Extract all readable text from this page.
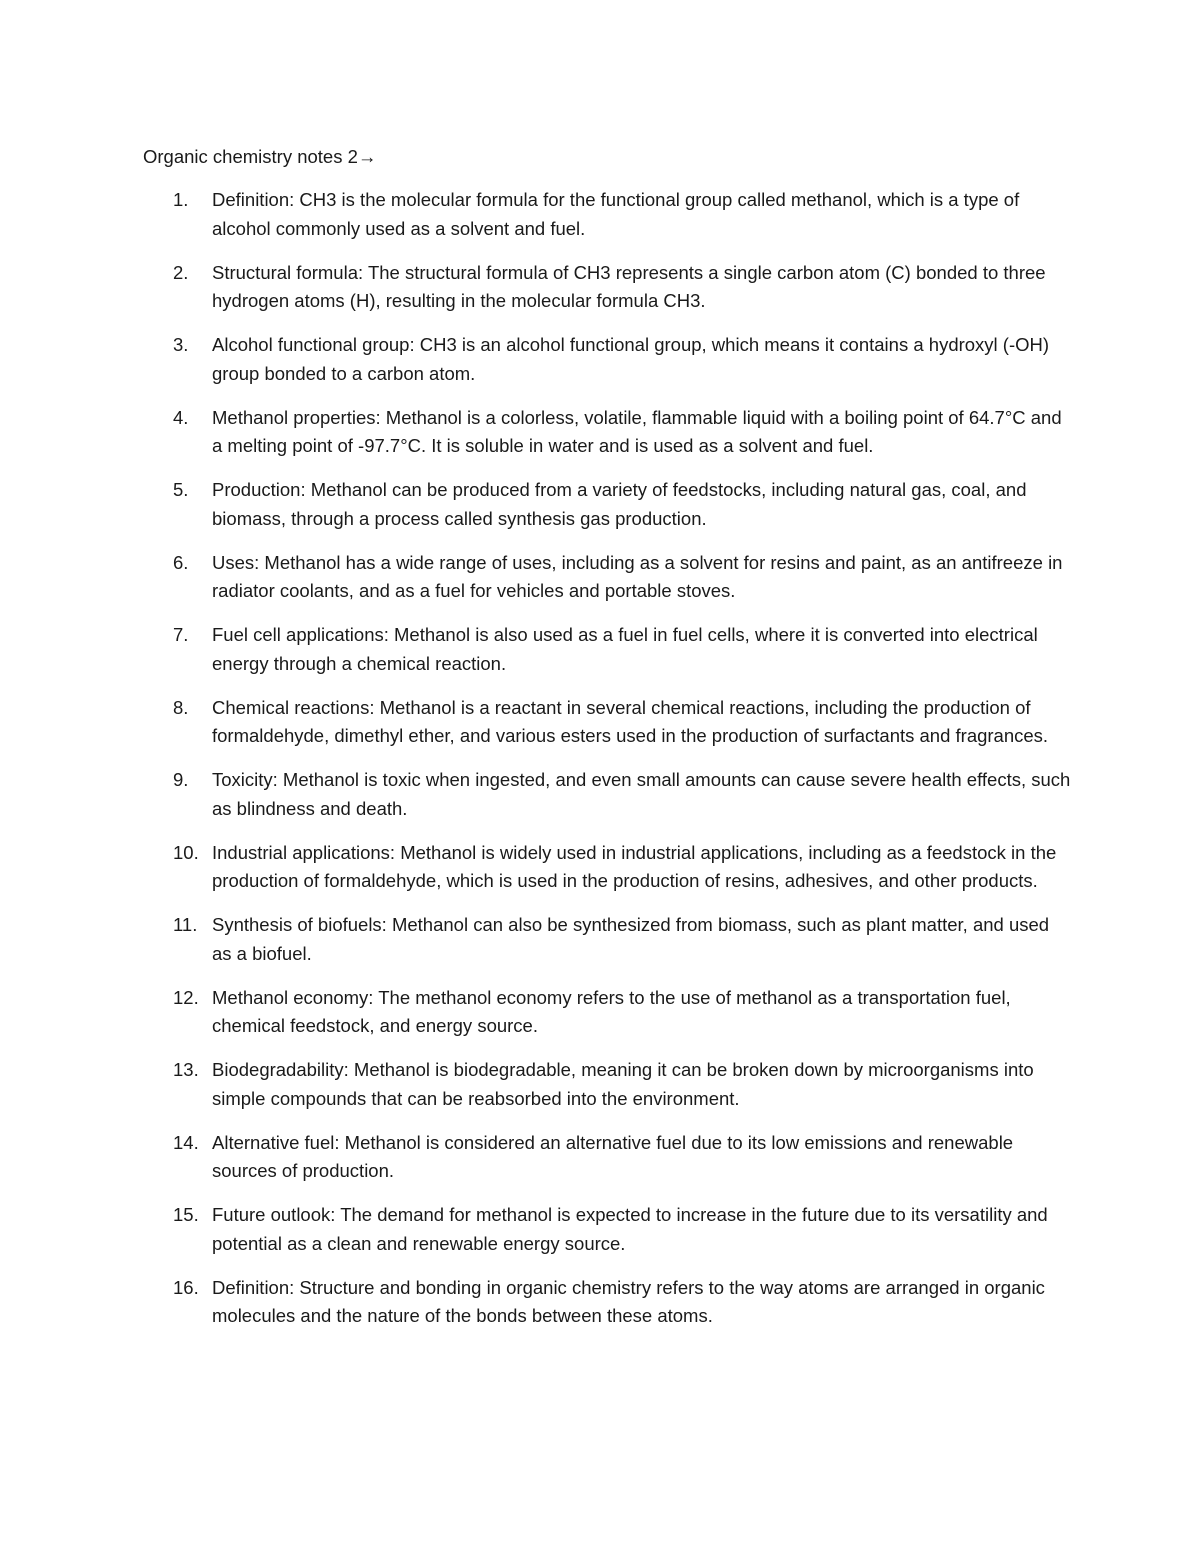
Organic chemistry notes 2→

1.	Definition: CH3 is the molecular formula for the functional group called methanol, which is a type of alcohol commonly used as a solvent and fuel.
2.	Structural formula: The structural formula of CH3 represents a single carbon atom (C) bonded to three hydrogen atoms (H), resulting in the molecular formula CH3.
3.	Alcohol functional group: CH3 is an alcohol functional group, which means it contains a hydroxyl (-OH) group bonded to a carbon atom.
4.	Methanol properties: Methanol is a colorless, volatile, flammable liquid with a boiling point of 64.7°C and a melting point of -97.7°C. It is soluble in water and is used as a solvent and fuel.
5.	Production: Methanol can be produced from a variety of feedstocks, including natural gas, coal, and biomass, through a process called synthesis gas production.
6.	Uses: Methanol has a wide range of uses, including as a solvent for resins and paint, as an antifreeze in radiator coolants, and as a fuel for vehicles and portable stoves.
7.	Fuel cell applications: Methanol is also used as a fuel in fuel cells, where it is converted into electrical energy through a chemical reaction.
8.	Chemical reactions: Methanol is a reactant in several chemical reactions, including the production of formaldehyde, dimethyl ether, and various esters used in the production of surfactants and fragrances.
9.	Toxicity: Methanol is toxic when ingested, and even small amounts can cause severe health effects, such as blindness and death.
10. Industrial applications: Methanol is widely used in industrial applications, including as a feedstock in the production of formaldehyde, which is used in the production of resins, adhesives, and other products.
11. Synthesis of biofuels: Methanol can also be synthesized from biomass, such as plant matter, and used as a biofuel.
12. Methanol economy: The methanol economy refers to the use of methanol as a transportation fuel, chemical feedstock, and energy source.
13. Biodegradability: Methanol is biodegradable, meaning it can be broken down by microorganisms into simple compounds that can be reabsorbed into the environment.
14. Alternative fuel: Methanol is considered an alternative fuel due to its low emissions and renewable sources of production.
15. Future outlook: The demand for methanol is expected to increase in the future due to its versatility and potential as a clean and renewable energy source.
16. Definition: Structure and bonding in organic chemistry refers to the way atoms are arranged in organic molecules and the nature of the bonds between these atoms.
